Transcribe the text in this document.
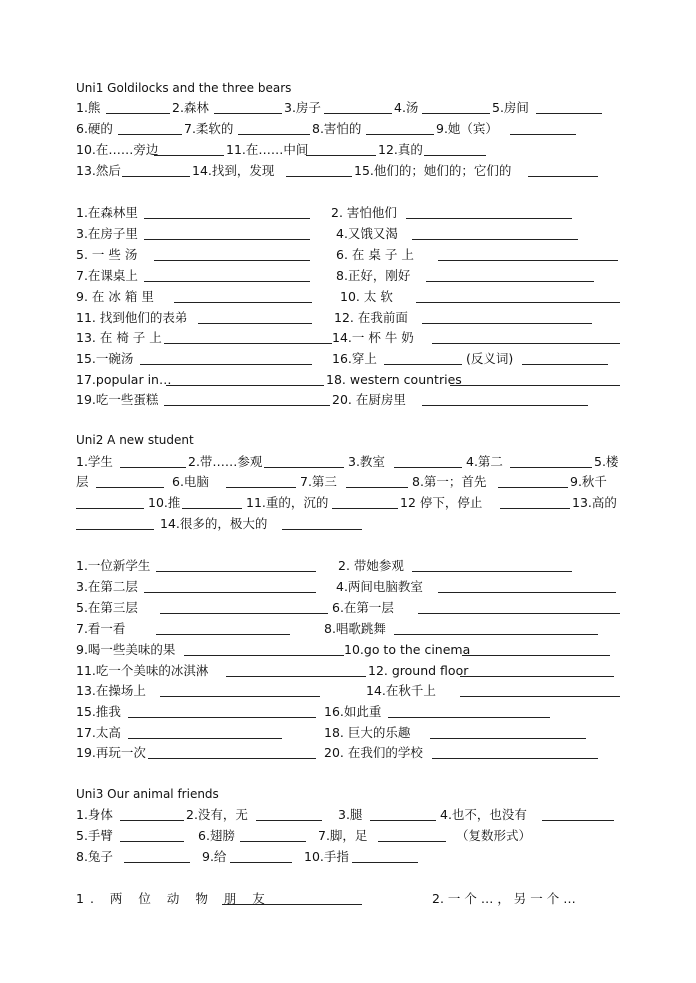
Uni1 Goldilocks and the three bears
1.熊	2.森林	3.房子	4.汤	5.房间
6.硬的	7.柔软的	8.害怕的	9.她（宾）
10.在……旁边	11.在……中间	12.真的
13.然后	14.找到，发现	15.他们的；她们的；它们的
1.在森林里	2. 害怕他们
3.在房子里	4.又饿又渴
5. 一 些 汤	6. 在 桌 子 上
7.在课桌上	8.正好，刚好
9. 在 冰 箱 里	10. 太 软
11. 找到他们的表弟	12. 在我前面
13. 在 椅 子 上	14.一 杯 牛 奶
15.一碗汤	16.穿上	(反义词)
17.popular in…	18. western countries
19.吃一些蛋糕	20. 在厨房里
Uni2 A new student
1.学生	2.带……参观	3.教室	4.第二	5.楼
层	6.电脑	7.第三	8.第一；首先	9.秋千
10.推	11.重的，沉的	12 停下，停止	13.高的
14.很多的，极大的
1.一位新学生	2. 带她参观
3.在第二层	4.两间电脑教室
5.在第三层	6.在第一层
7.看一看	8.唱歌跳舞
9.喝一些美味的果	10.go to the cinema
11.吃一个美味的冰淇淋	12. ground floor
13.在操场上	14.在秋千上
15.推我	16.如此重
17.太高	18. 巨大的乐趣
19.再玩一次	20. 在我们的学校
Uni3 Our animal friends
1.身体	2.没有，无	3.腿	4.也不，也没有
5.手臂	6.翅膀	7.脚，足	（复数形式）
8.兔子	9.给	10.手指
1. 两 位 动 物 朋 友	2. 一 个 … ， 另 一 个 …
